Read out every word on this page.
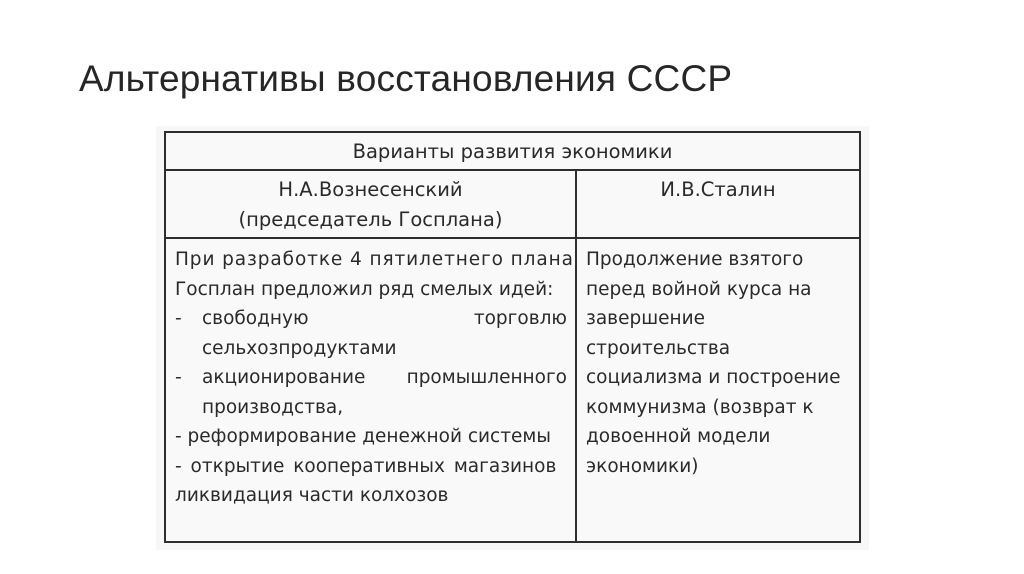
Альтернативы восстановления СССР
Варианты развития экономики
Н.А.Вознесенский
(председатель Госплана)
И.В.Сталин
При разработке 4 пятилетнего плана
Госплан предложил ряд смелых идей:
- свободную	торговлю
сельхозпродуктами
- акционирование промышленного
производства,
- реформирование денежной системы
- открытие кооперативных магазинов
ликвидация части колхозов
Продолжение взятого
перед войной курса на
завершение
строительства
социализма и построение
коммунизма (возврат к
довоенной модели
экономики)
